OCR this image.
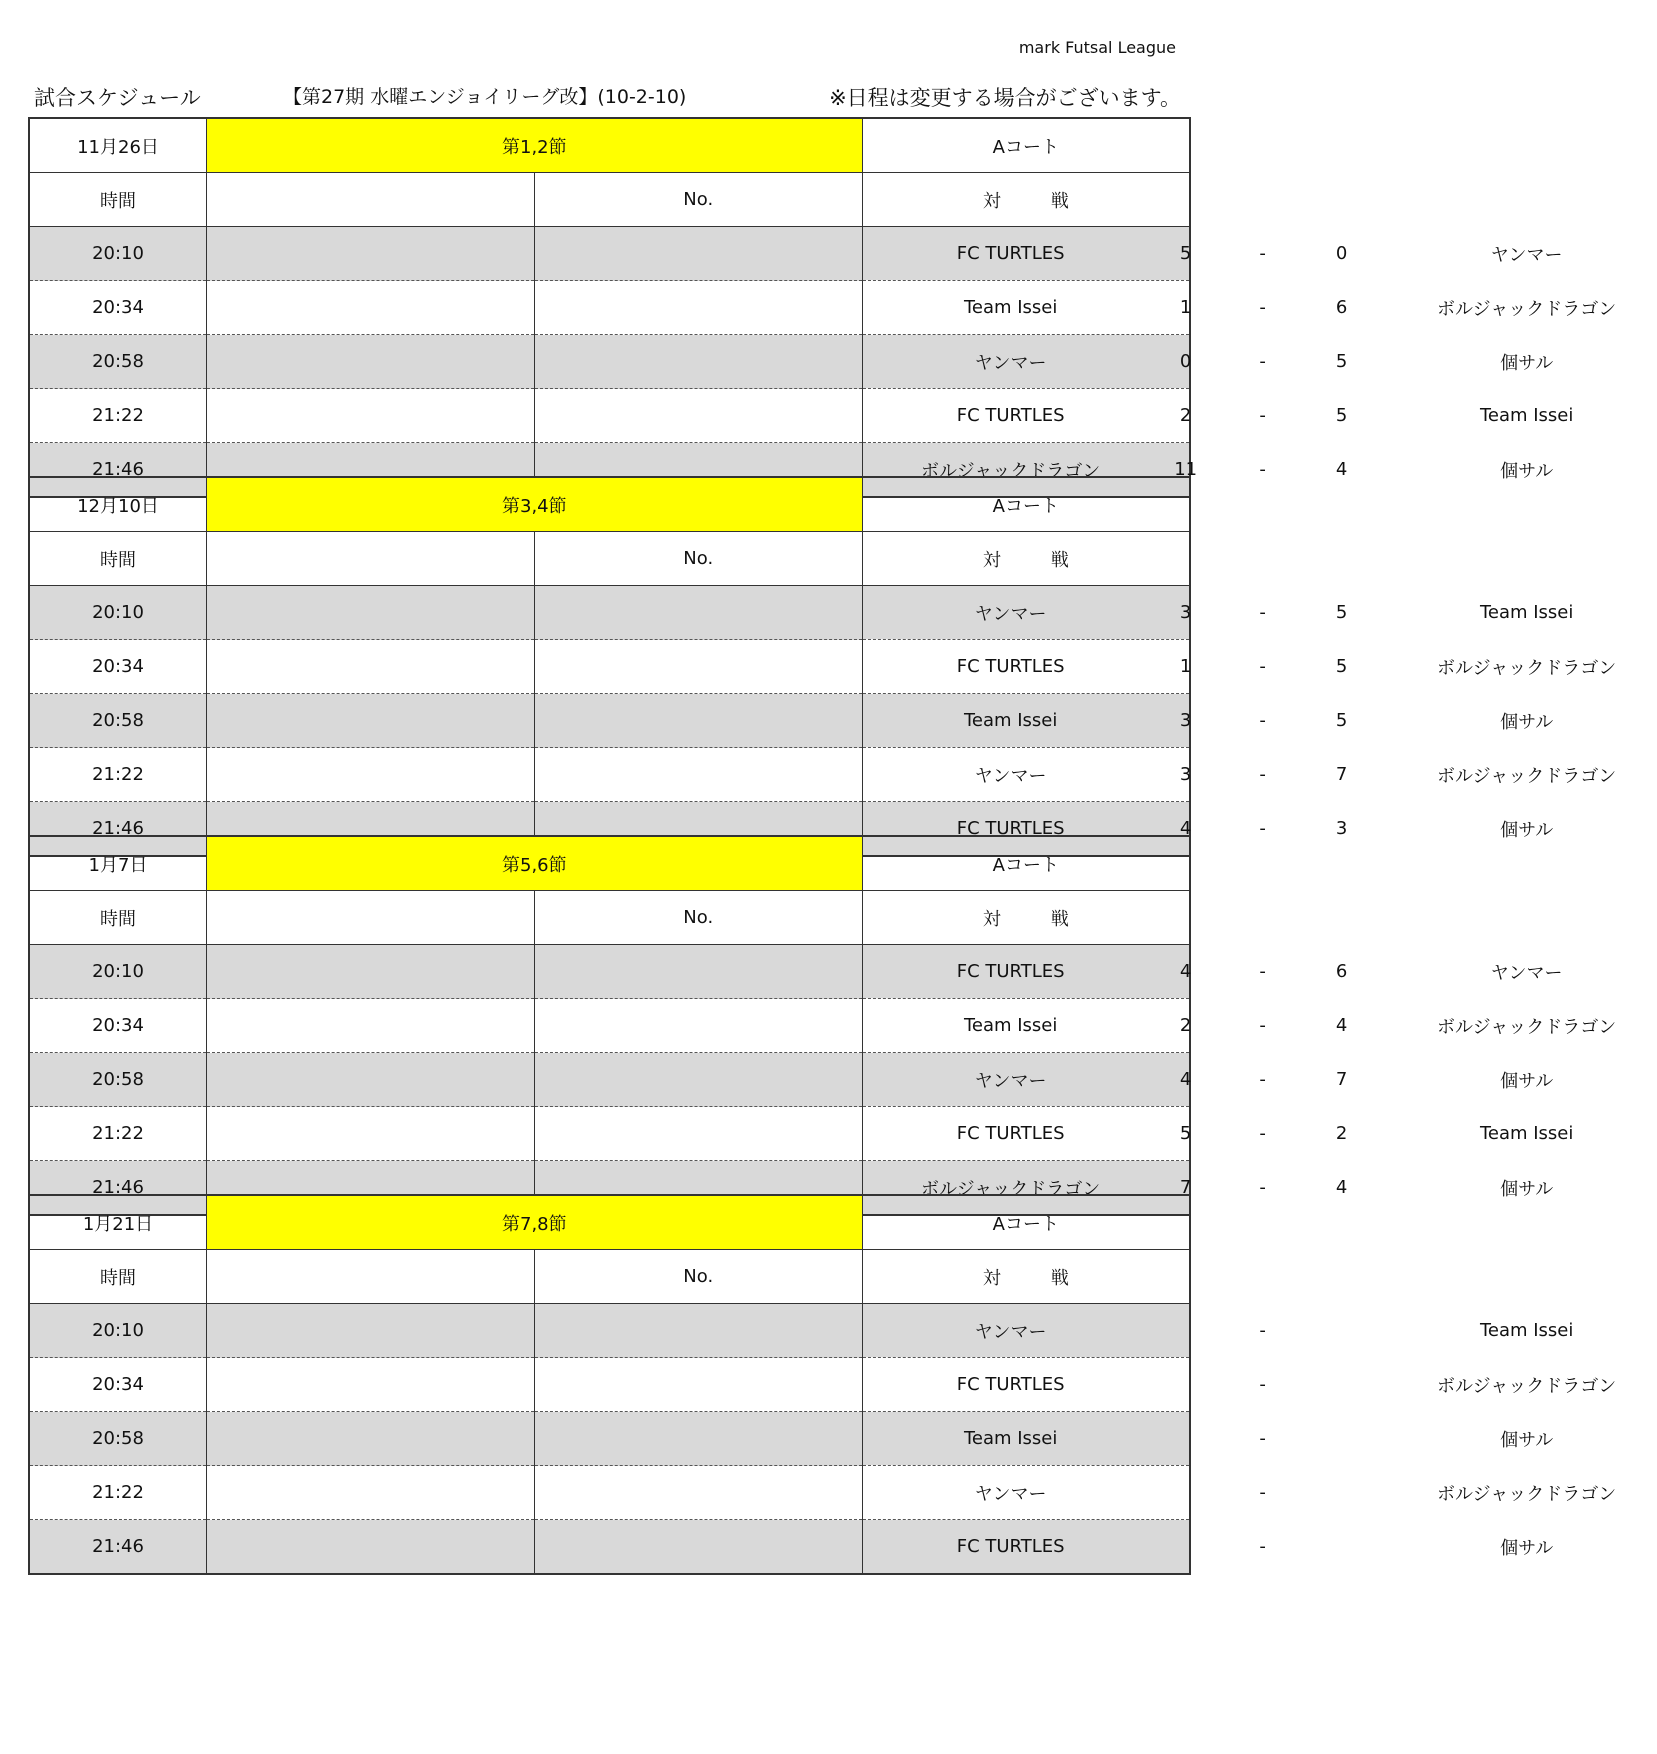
mark Futsal League
試合スケジュール	【第27期 水曜エンジョイリーグ改】(10-2-10)	※日程は変更する場合がございます。
11月26日	第1,2節		Aコート
時間		No.	対 戦
20:10			FC TURTLES 5 - 0 ヤンマー

20:34			Team Issei 1 - 6 ボルジャックドラゴン

20:58			ヤンマー 0 - 5 個サル

21:22			FC TURTLES 2 - 5 Team Issei

21:46			ボルジャックドラゴン 11 - 4 個サル
12月10日	第3,4節		Aコート
時間		No.	対 戦
20:10			ヤンマー 3 - 5 Team Issei

20:34			FC TURTLES 1 - 5 ボルジャックドラゴン

20:58			Team Issei 3 - 5 個サル

21:22			ヤンマー 3 - 7 ボルジャックドラゴン

21:46			FC TURTLES 4 - 3 個サル
1月7日	第5,6節		Aコート
時間		No.	対 戦
20:10			FC TURTLES 4 - 6 ヤンマー

20:34			Team Issei 2 - 4 ボルジャックドラゴン

20:58			ヤンマー 4 - 7 個サル

21:22			FC TURTLES 5 - 2 Team Issei

21:46			ボルジャックドラゴン 7 - 4 個サル
1月21日	第7,8節		Aコート
時間		No.	対 戦
20:10			ヤンマー - Team Issei

20:34			FC TURTLES - ボルジャックドラゴン

20:58			Team Issei - 個サル

21:22			ヤンマー - ボルジャックドラゴン

21:46			FC TURTLES - 個サル
